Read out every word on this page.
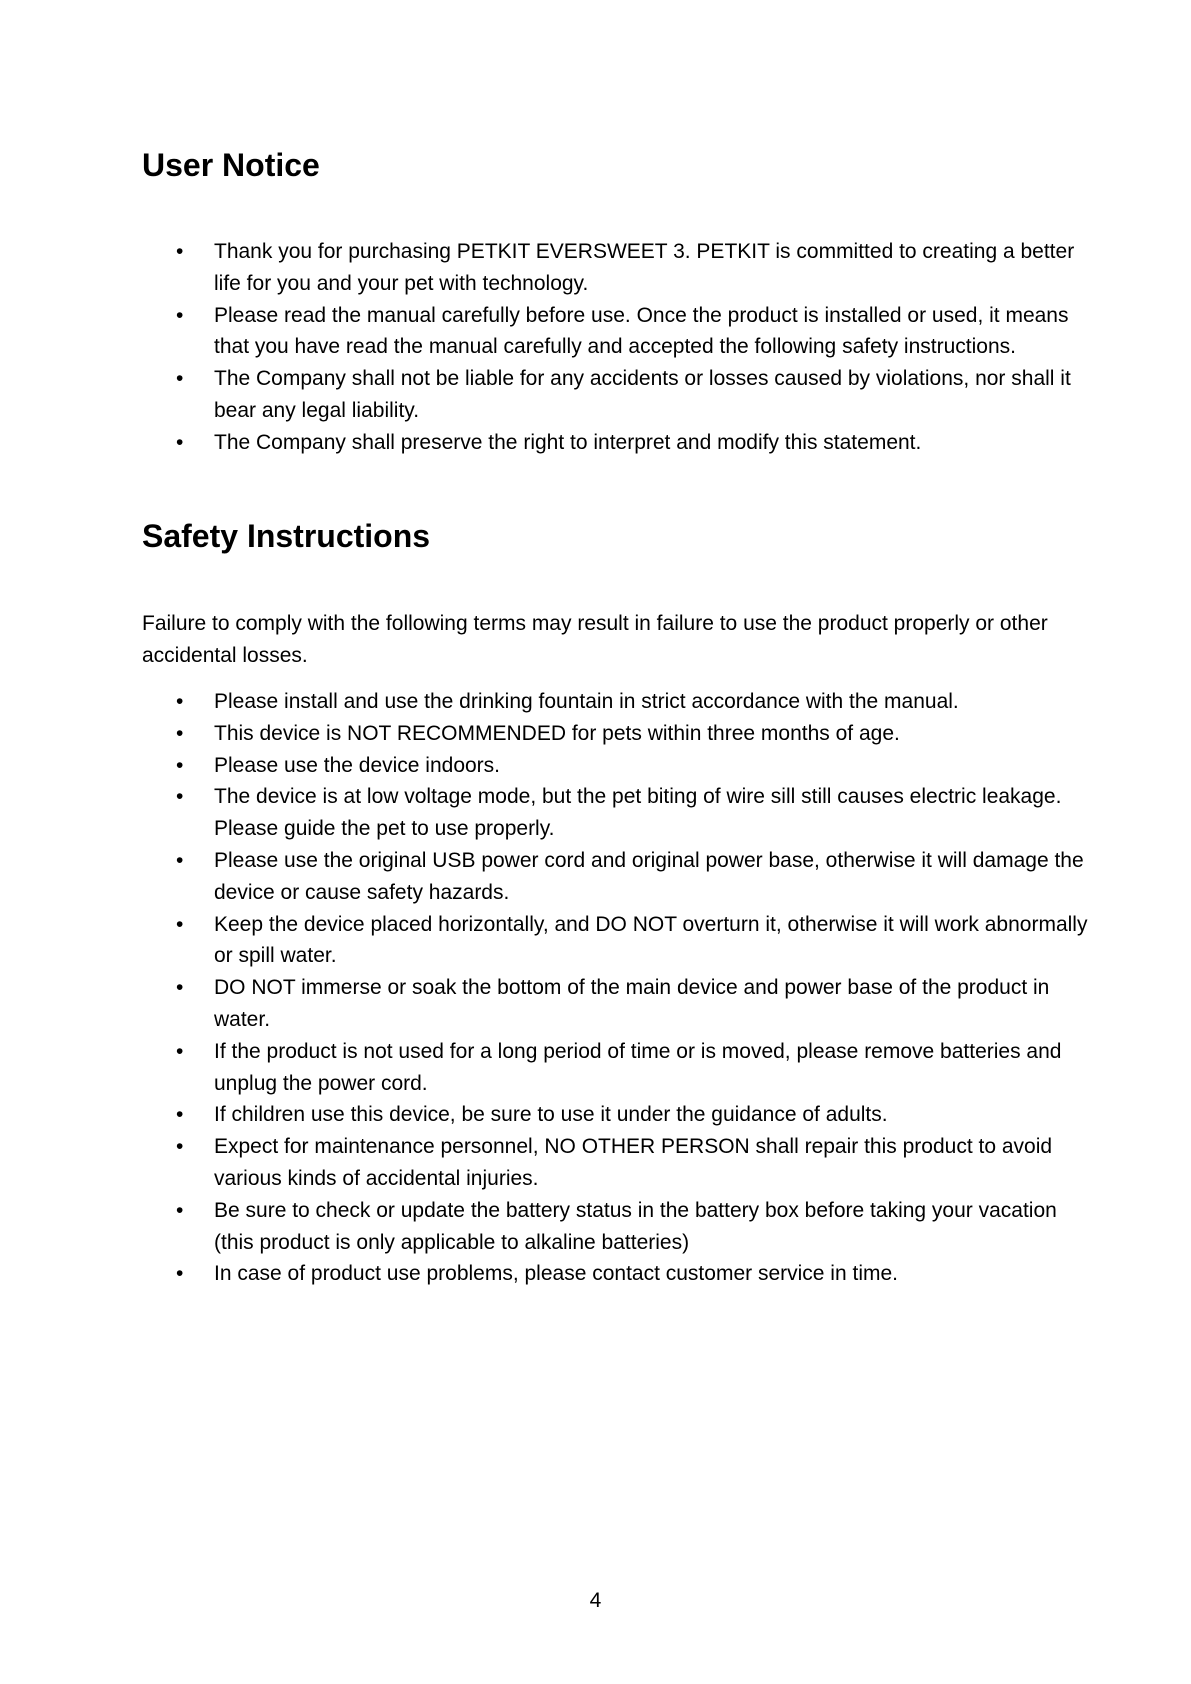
User Notice
• Thank you for purchasing PETKIT EVERSWEET 3. PETKIT is committed to creating a better life for you and your pet with technology.
• Please read the manual carefully before use. Once the product is installed or used, it means that you have read the manual carefully and accepted the following safety instructions.
• The Company shall not be liable for any accidents or losses caused by violations, nor shall it bear any legal liability.
• The Company shall preserve the right to interpret and modify this statement.
Safety Instructions

Failure to comply with the following terms may result in failure to use the product properly or other accidental losses.

• Please install and use the drinking fountain in strict accordance with the manual.
• This device is NOT RECOMMENDED for pets within three months of age.
• Please use the device indoors.
• The device is at low voltage mode, but the pet biting of wire sill still causes electric leakage.
Please guide the pet to use properly.
• Please use the original USB power cord and original power base, otherwise it will damage the device or cause safety hazards.
• Keep the device placed horizontally, and DO NOT overturn it, otherwise it will work abnormally or spill water.
• DO NOT immerse or soak the bottom of the main device and power base of the product in water.
• If the product is not used for a long period of time or is moved, please remove batteries and unplug the power cord.
• If children use this device, be sure to use it under the guidance of adults.
• Expect for maintenance personnel, NO OTHER PERSON shall repair this product to avoid various kinds of accidental injuries.
• Be sure to check or update the battery status in the battery box before taking your vacation (this product is only applicable to alkaline batteries)
• In case of product use problems, please contact customer service in time.
4
